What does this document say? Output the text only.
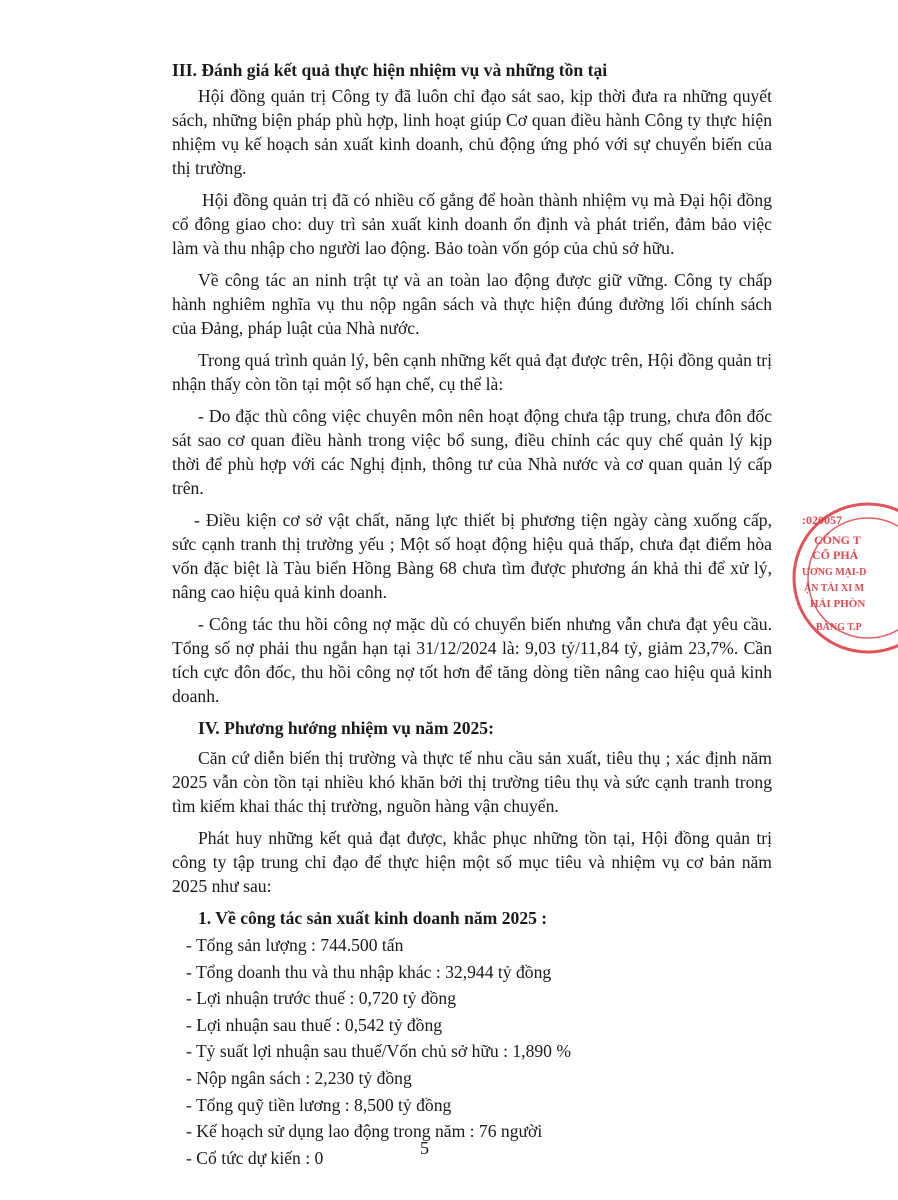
III. Đánh giá kết quả thực hiện nhiệm vụ và những tồn tại

Hội đồng quản trị Công ty đã luôn chỉ đạo sát sao, kịp thời đưa ra những quyết sách, những biện pháp phù hợp, linh hoạt giúp Cơ quan điều hành Công ty thực hiện nhiệm vụ kế hoạch sản xuất kinh doanh, chủ động ứng phó với sự chuyển biến của thị trường.

Hội đồng quản trị đã có nhiều cố gắng để hoàn thành nhiệm vụ mà Đại hội đồng cổ đông giao cho: duy trì sản xuất kinh doanh ổn định và phát triển, đảm bảo việc làm và thu nhập cho người lao động. Bảo toàn vốn góp của chủ sở hữu.

Về công tác an ninh trật tự và an toàn lao động được giữ vững. Công ty chấp hành nghiêm nghĩa vụ thu nộp ngân sách và thực hiện đúng đường lối chính sách của Đảng, pháp luật của Nhà nước.

Trong quá trình quản lý, bên cạnh những kết quả đạt được trên, Hội đồng quản trị nhận thấy còn tồn tại một số hạn chế, cụ thể là:

- Do đặc thù công việc chuyên môn nên hoạt động chưa tập trung, chưa đôn đốc sát sao cơ quan điều hành trong việc bổ sung, điều chỉnh các quy chế quản lý kịp thời để phù hợp với các Nghị định, thông tư của Nhà nước và cơ quan quản lý cấp trên.

- Điều kiện cơ sở vật chất, năng lực thiết bị phương tiện ngày càng xuống cấp, sức cạnh tranh thị trường yếu ; Một số hoạt động hiệu quả thấp, chưa đạt điểm hòa vốn đặc biệt là Tàu biển Hồng Bàng 68 chưa tìm được phương án khả thi để xử lý, nâng cao hiệu quả kinh doanh.

- Công tác thu hồi công nợ mặc dù có chuyển biến nhưng vẫn chưa đạt yêu cầu. Tổng số nợ phải thu ngắn hạn tại 31/12/2024 là: 9,03 tỷ/11,84 tỷ, giảm 23,7%. Cần tích cực đôn đốc, thu hồi công nợ tốt hơn để tăng dòng tiền nâng cao hiệu quả kinh doanh.

IV. Phương hướng nhiệm vụ năm 2025:

Căn cứ diễn biến thị trường và thực tế nhu cầu sản xuất, tiêu thụ ; xác định năm 2025 vẫn còn tồn tại nhiều khó khăn bởi thị trường tiêu thụ và sức cạnh tranh trong tìm kiếm khai thác thị trường, nguồn hàng vận chuyển.

Phát huy những kết quả đạt được, khắc phục những tồn tại, Hội đồng quản trị công ty tập trung chỉ đạo để thực hiện một số mục tiêu và nhiệm vụ cơ bản năm 2025 như sau:

1. Về công tác sản xuất kinh doanh năm 2025 :

- Tổng sản lượng : 744.500 tấn

- Tổng doanh thu và thu nhập khác : 32,944 tỷ đồng

- Lợi nhuận trước thuế : 0,720 tỷ đồng

- Lợi nhuận sau thuế : 0,542 tỷ đồng

- Tỷ suất lợi nhuận sau thuế/Vốn chủ sở hữu : 1,890 %

- Nộp ngân sách : 2,230 tỷ đồng

- Tổng quỹ tiền lương : 8,500 tỷ đồng

- Kế hoạch sử dụng lao động trong năm : 76 người

- Cổ tức dự kiến : 0

:020057
CÔNG T
CỔ PHẢ
ƯƠNG MẠI-D
ẬN TẢI XI M
HẢI PHÒN
BÀNG T.P
5
